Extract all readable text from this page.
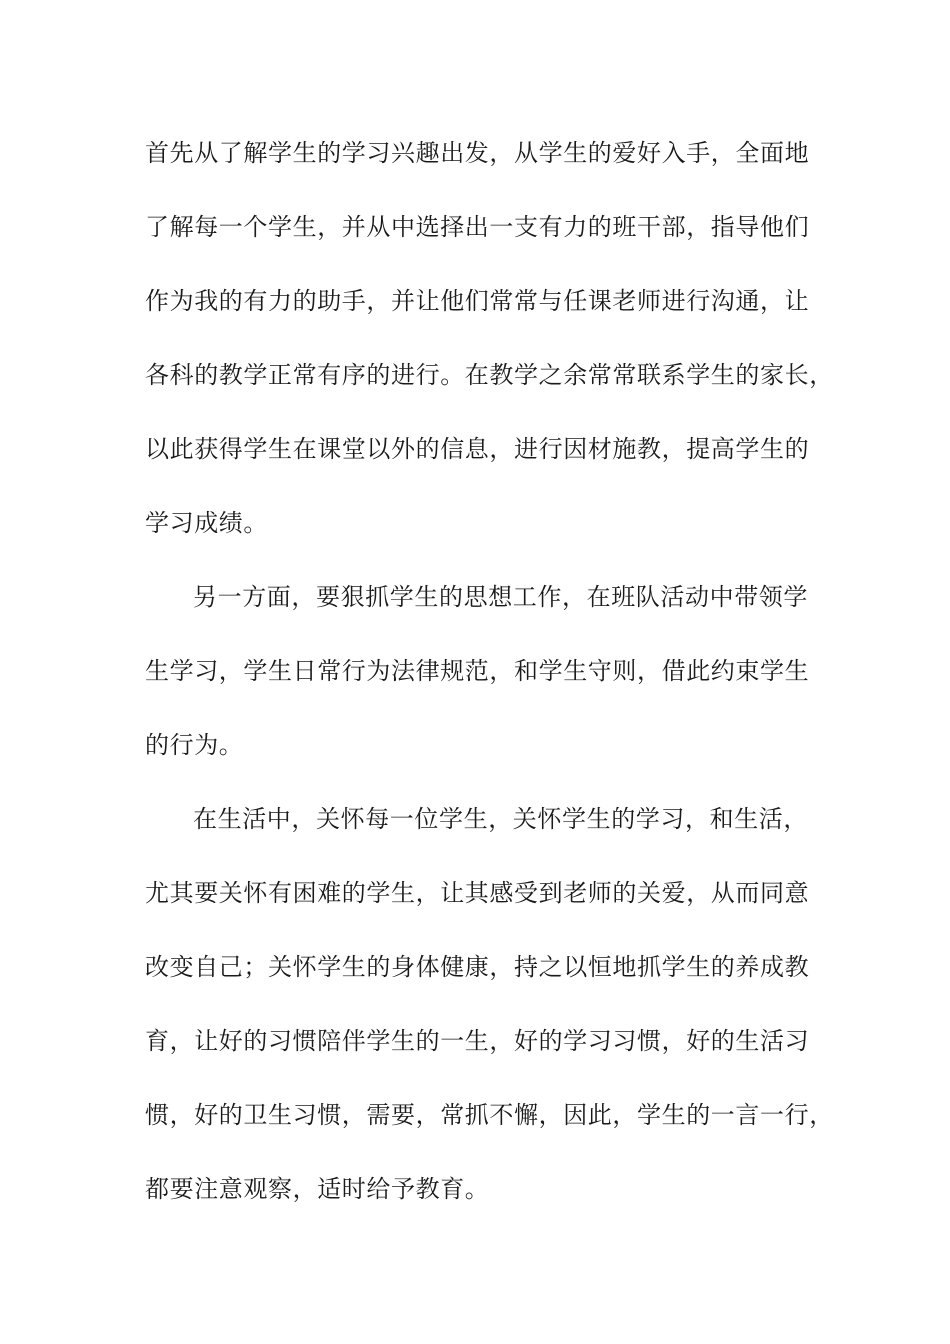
首先从了解学生的学习兴趣出发，从学生的爱好入手，全面地
了解每一个学生，并从中选择出一支有力的班干部，指导他们
作为我的有力的助手，并让他们常常与任课老师进行沟通，让
各科的教学正常有序的进行。在教学之余常常联系学生的家长，
以此获得学生在课堂以外的信息，进行因材施教，提高学生的
学习成绩。
另一方面，要狠抓学生的思想工作，在班队活动中带领学
生学习，学生日常行为法律规范，和学生守则，借此约束学生
的行为。
在生活中，关怀每一位学生，关怀学生的学习，和生活，
尤其要关怀有困难的学生，让其感受到老师的关爱，从而同意
改变自己；关怀学生的身体健康，持之以恒地抓学生的养成教
育，让好的习惯陪伴学生的一生，好的学习习惯，好的生活习
惯，好的卫生习惯，需要，常抓不懈，因此，学生的一言一行，
都要注意观察，适时给予教育。
